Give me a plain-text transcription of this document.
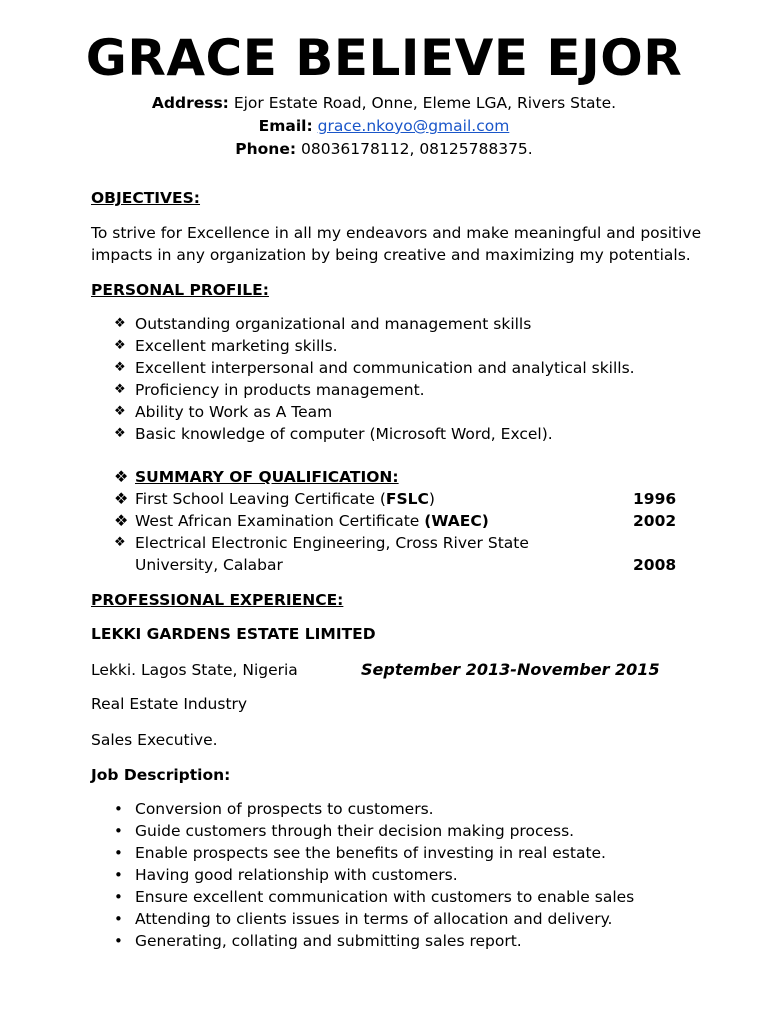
GRACE BELIEVE EJOR
Address: Ejor Estate Road, Onne, Eleme LGA, Rivers State.
Email: grace.nkoyo@gmail.com
Phone: 08036178112, 08125788375.
OBJECTIVES:
To strive for Excellence in all my endeavors and make meaningful and positive impacts in any organization by being creative and maximizing my potentials.
PERSONAL PROFILE:
❖ Outstanding organizational and management skills
❖ Excellent marketing skills.
❖ Excellent interpersonal and communication and analytical skills.
❖ Proficiency in products management.
❖ Ability to Work as A Team
❖ Basic knowledge of computer (Microsoft Word, Excel).
❖ SUMMARY OF QUALIFICATION:
❖ First School Leaving Certificate (FSLC)
❖ West African Examination Certificate (WAEC)
❖ Electrical Electronic Engineering, Cross River State
University, Calabar
1996
2002
2008
PROFESSIONAL EXPERIENCE:
LEKKI GARDENS ESTATE LIMITED
Lekki. Lagos State, Nigeria	September 2013-November 2015
Real Estate Industry
Sales Executive.
Job Description:
• Conversion of prospects to customers.
• Guide customers through their decision making process.
• Enable prospects see the benefits of investing in real estate.
• Having good relationship with customers.
• Ensure excellent communication with customers to enable sales
• Attending to clients issues in terms of allocation and delivery.
• Generating, collating and submitting sales report.
